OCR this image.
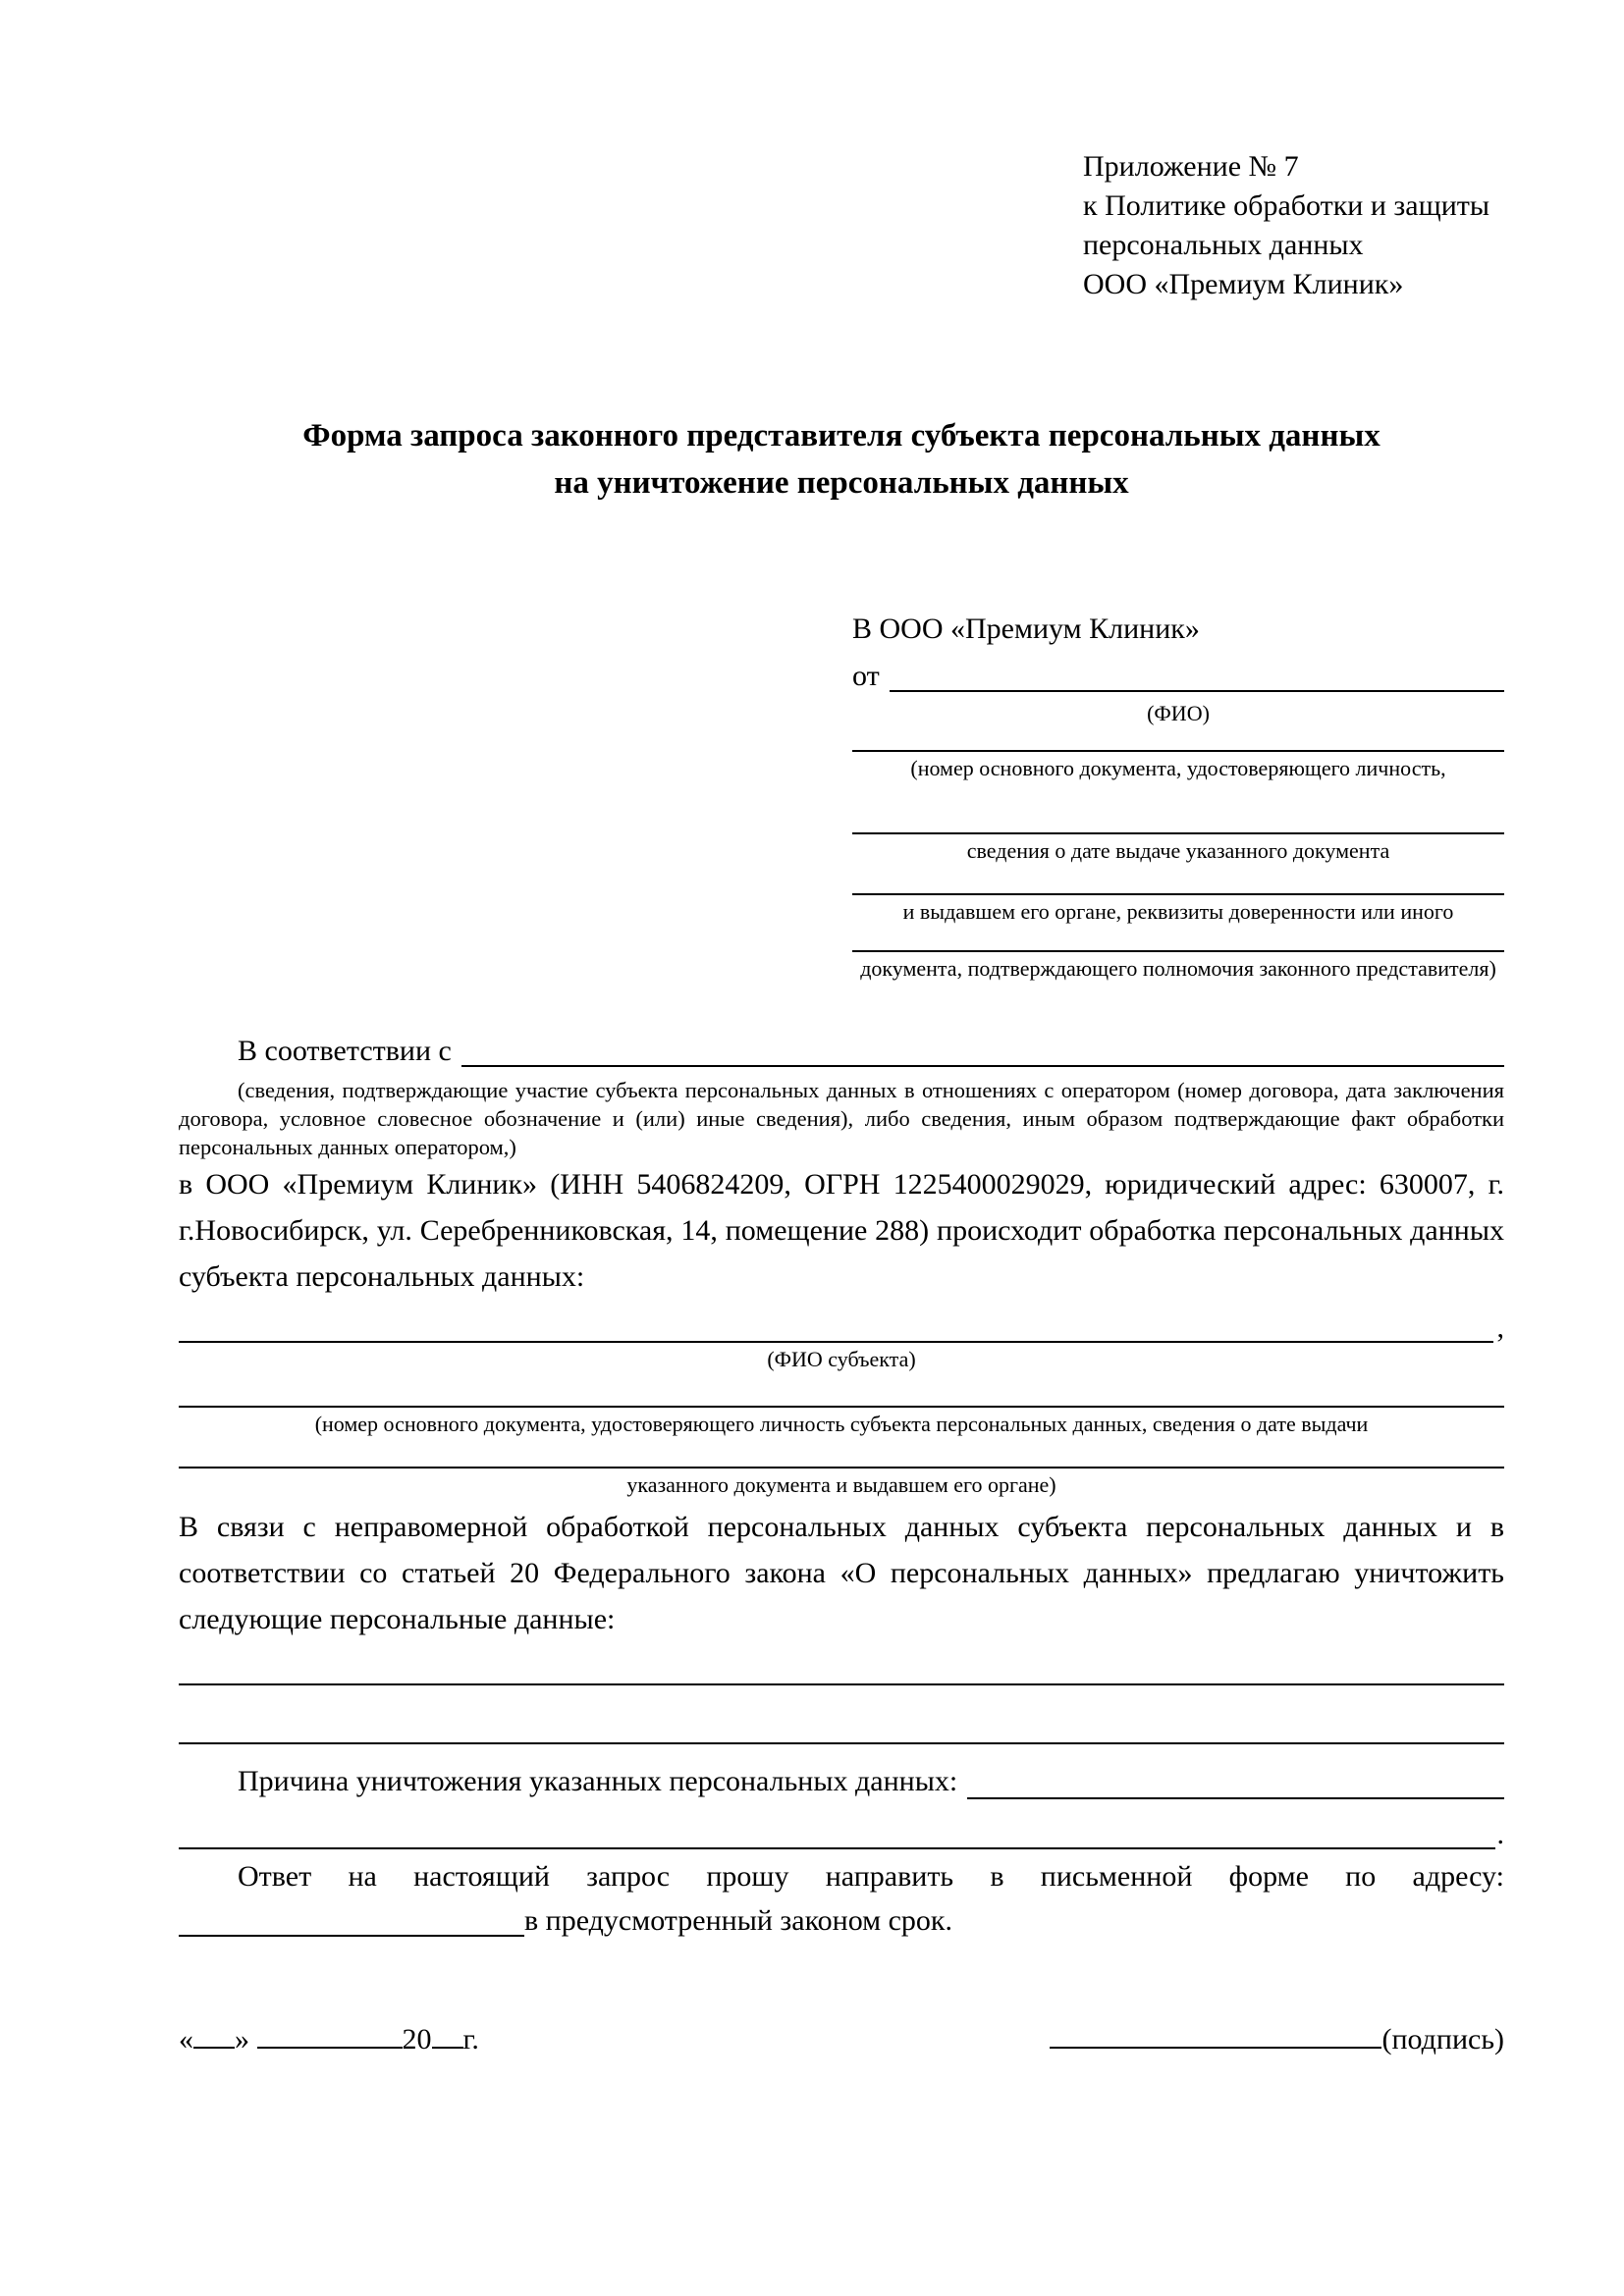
Приложение № 7
к Политике обработки и защиты
персональных данных
ООО «Премиум Клиник»
Форма запроса законного представителя субъекта персональных данных
на уничтожение персональных данных
В ООО «Премиум Клиник»
от
(ФИО)
(номер основного документа, удостоверяющего личность,
сведения о дате выдаче указанного документа
и выдавшем его органе, реквизиты доверенности или иного
документа, подтверждающего полномочия законного представителя)
В соответствии с
(сведения, подтверждающие участие субъекта персональных данных в отношениях с оператором (номер договора, дата заключения договора, условное словесное обозначение и (или) иные сведения), либо сведения, иным образом подтверждающие факт обработки персональных данных оператором,)
в ООО «Премиум Клиник» (ИНН 5406824209, ОГРН 1225400029029, юридический адрес: 630007, г. г.Новосибирск, ул. Серебренниковская, 14, помещение 288) происходит обработка персональных данных субъекта персональных данных:
,
(ФИО субъекта)
(номер основного документа, удостоверяющего личность субъекта персональных данных, сведения о дате выдачи
указанного документа и выдавшем его органе)
В связи с неправомерной обработкой персональных данных субъекта персональных данных и в соответствии со статьей 20 Федерального закона «О персональных данных» предлагаю уничтожить следующие персональные данные:
Причина уничтожения указанных персональных данных:
.
Ответ на настоящий запрос прошу направить в письменной форме по адресу:
в предусмотренный законом срок.
« »	20 г.	(подпись)
